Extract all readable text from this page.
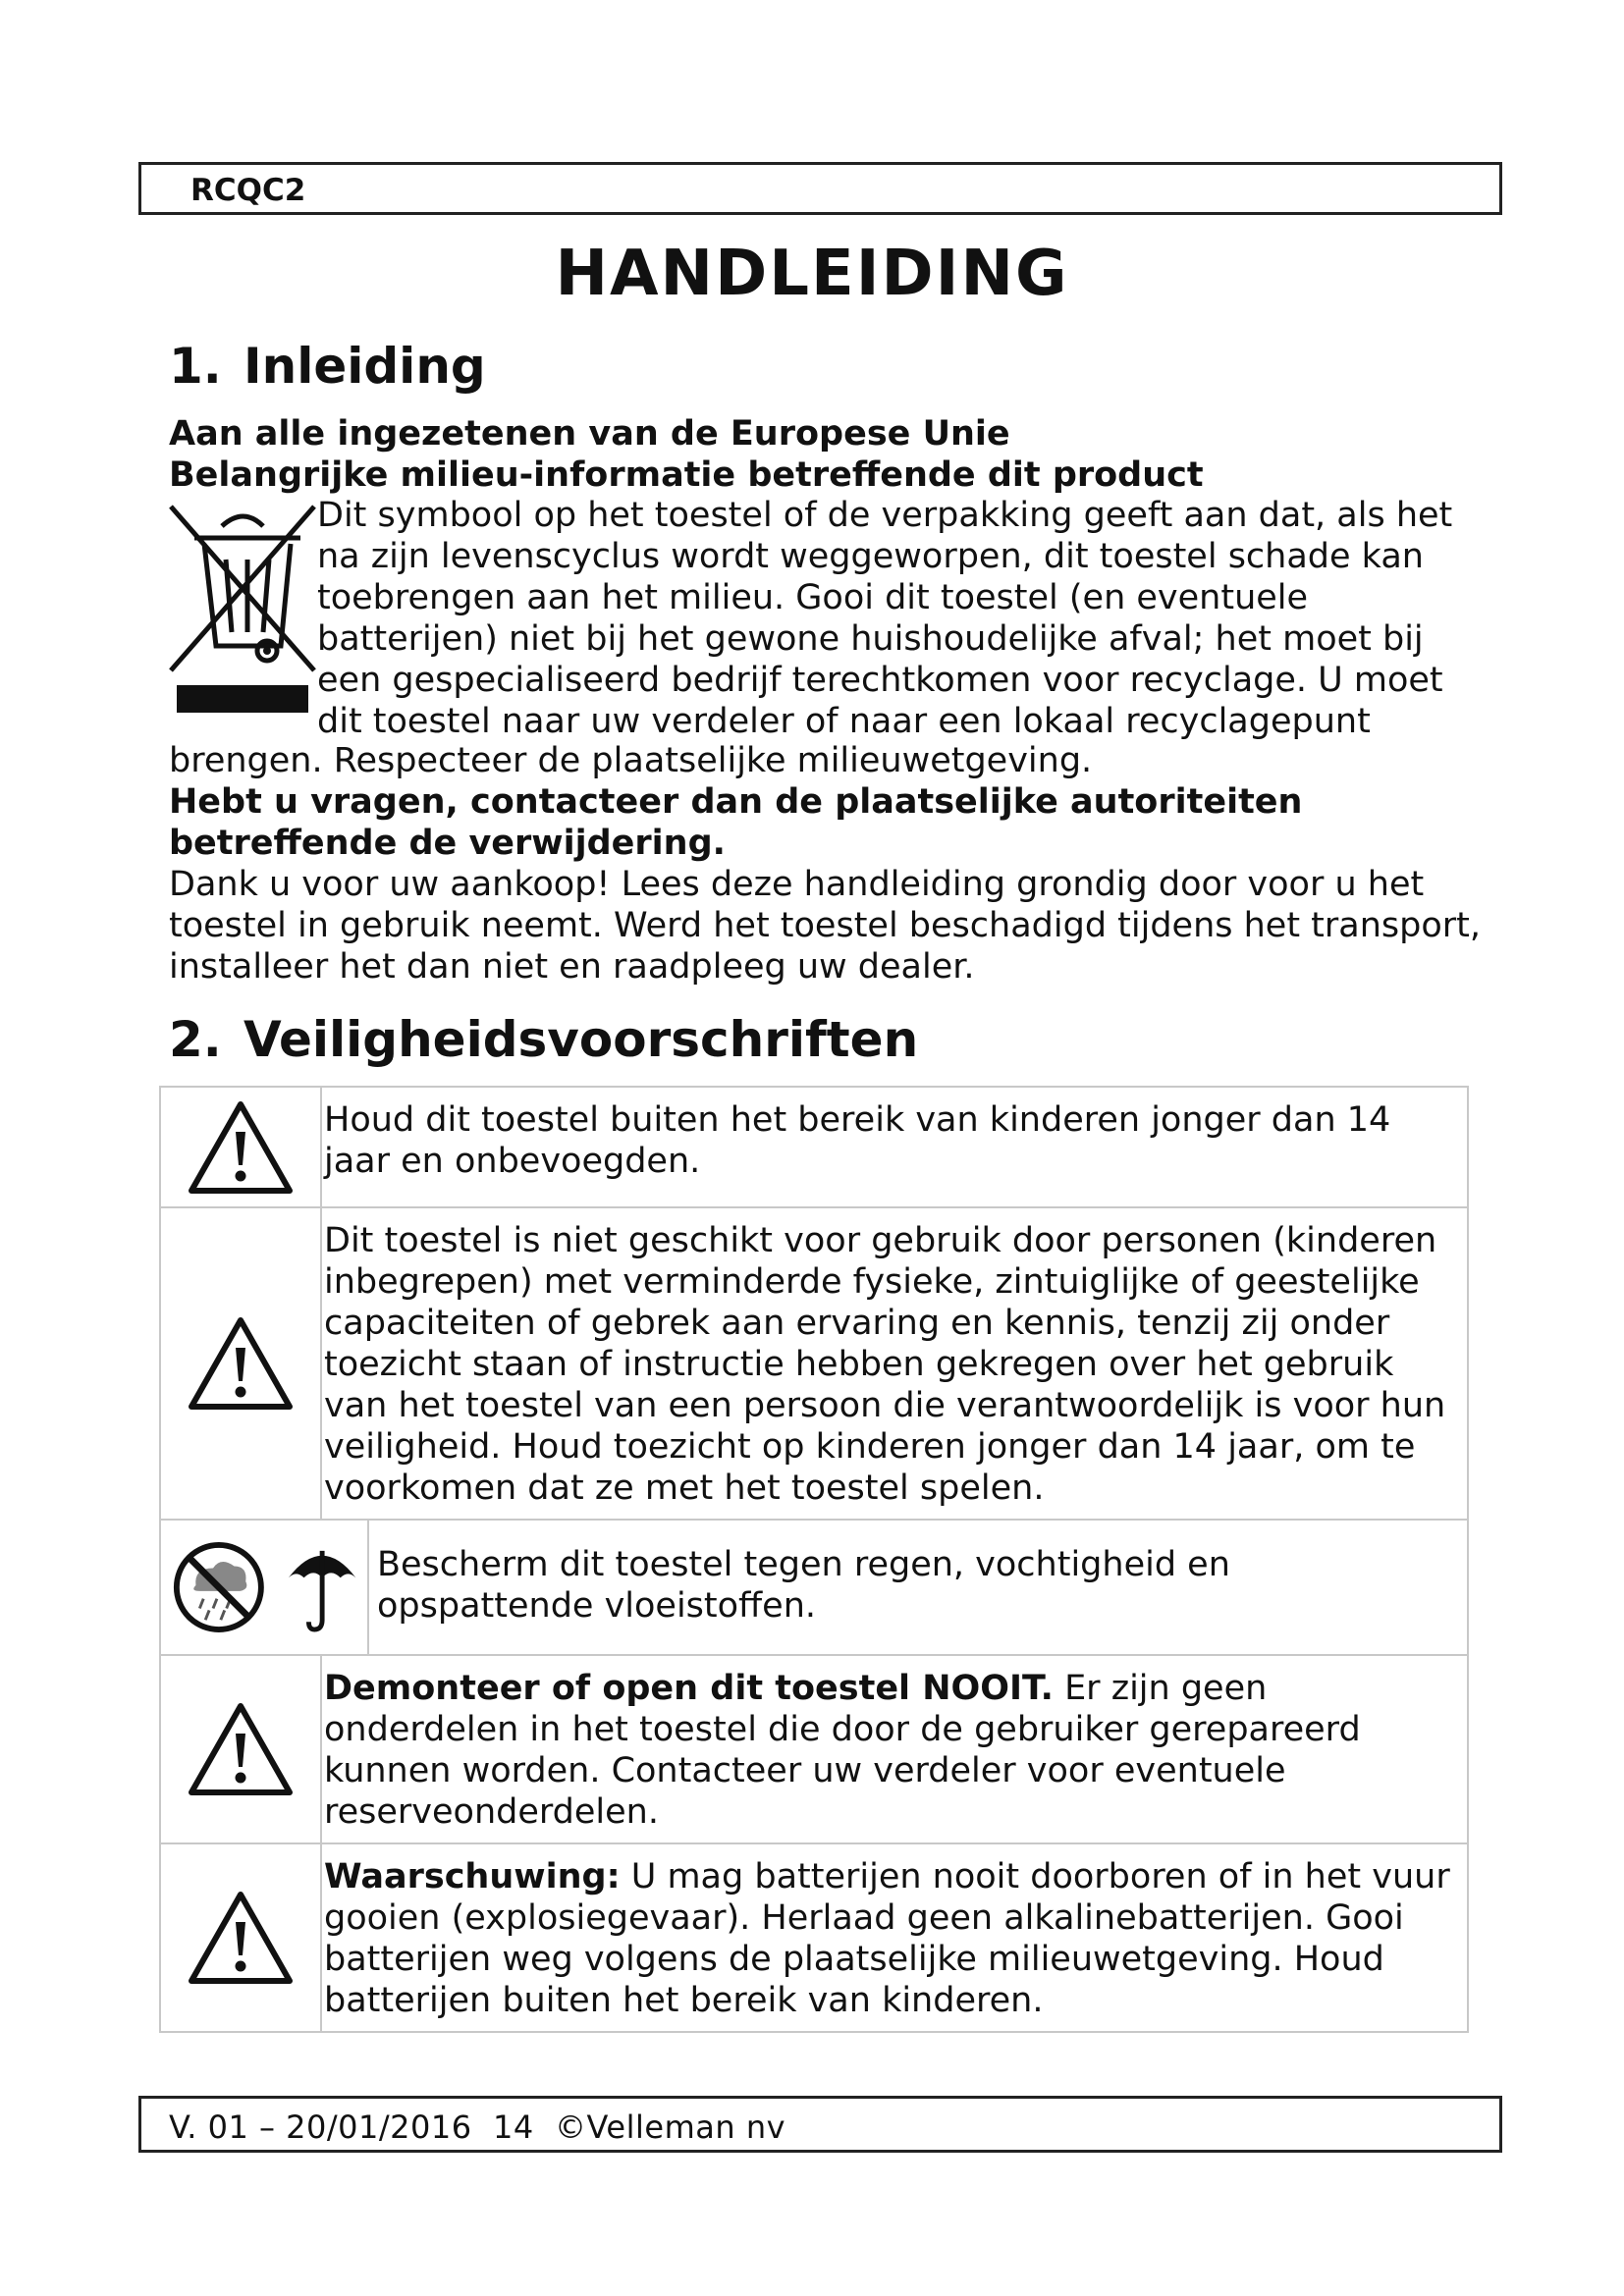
RCQC2
HANDLEIDING
1. Inleiding
Aan alle ingezetenen van de Europese Unie
Belangrijke milieu-informatie betreffende dit product
Dit symbool op het toestel of de verpakking geeft aan dat, als het
na zijn levenscyclus wordt weggeworpen, dit toestel schade kan
toebrengen aan het milieu. Gooi dit toestel (en eventuele
batterijen) niet bij het gewone huishoudelijke afval; het moet bij
een gespecialiseerd bedrijf terechtkomen voor recyclage. U moet
dit toestel naar uw verdeler of naar een lokaal recyclagepunt
brengen. Respecteer de plaatselijke milieuwetgeving.
Hebt u vragen, contacteer dan de plaatselijke autoriteiten
betreffende de verwijdering.
Dank u voor uw aankoop! Lees deze handleiding grondig door voor u het
toestel in gebruik neemt. Werd het toestel beschadigd tijdens het transport,
installeer het dan niet en raadpleeg uw dealer.
2. Veiligheidsvoorschriften
	Houd dit toestel buiten het bereik van kinderen jonger dan 14 jaar en onbevoegden.

	Dit toestel is niet geschikt voor gebruik door personen (kinderen inbegrepen) met verminderde fysieke, zintuiglijke of geestelijke capaciteiten of gebrek aan ervaring en kennis, tenzij zij onder toezicht staan of instructie hebben gekregen over het gebruik van het toestel van een persoon die verantwoordelijk is voor hun veiligheid. Houd toezicht op kinderen jonger dan 14 jaar, om te voorkomen dat ze met het toestel spelen.

Bescherm dit toestel tegen regen, vochtigheid en opspattende vloeistoffen.	

	Demonteer of open dit toestel NOOIT. Er zijn geen onderdelen in het toestel die door de gebruiker gerepareerd kunnen worden. Contacteer uw verdeler voor eventuele reserveonderdelen.

	Waarschuwing: U mag batterijen nooit doorboren of in het vuur gooien (explosiegevaar). Herlaad geen alkalinebatterijen. Gooi batterijen weg volgens de plaatselijke milieuwetgeving. Houd batterijen buiten het bereik van kinderen.
V. 01 – 20/01/2016  14  ©Velleman nv
